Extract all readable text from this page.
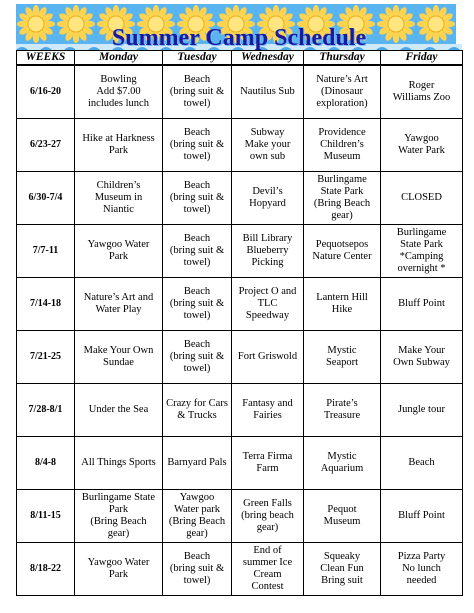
Summer Camp Schedule
WEEKS	Monday	Tuesday	Wednesday	Thursday	Friday
6/16-20	Bowling
Add $7.00
includes lunch	Beach
(bring suit &
towel)	Nautilus Sub	Nature’s Art
(Dinosaur
exploration)	Roger
Williams Zoo

6/23-27	Hike at Harkness
Park	Beach
(bring suit &
towel)	Subway
Make your
own sub	Providence
Children’s
Museum	Yawgoo
Water Park

6/30-7/4	Children’s
Museum in
Niantic	Beach
(bring suit &
towel)	Devil’s
Hopyard	Burlingame
State Park
(Bring Beach
gear)	CLOSED

7/7-11	Yawgoo Water
Park	Beach
(bring suit &
towel)	Bill Library
Blueberry
Picking	Pequotsepos
Nature Center	Burlingame
State Park
*Camping
overnight *

7/14-18	Nature’s Art and
Water Play	Beach
(bring suit &
towel)	Project O and
TLC
Speedway	Lantern Hill
Hike	Bluff Point

7/21-25	Make Your Own
Sundae	Beach
(bring suit &
towel)	Fort Griswold	Mystic
Seaport	Make Your
Own Subway

7/28-8/1	Under the Sea	Crazy for Cars
& Trucks	Fantasy and
Fairies	Pirate’s
Treasure	Jungle tour

8/4-8	All Things Sports	Barnyard Pals	Terra Firma
Farm	Mystic
Aquarium	Beach

8/11-15	Burlingame State
Park
(Bring Beach
gear)	Yawgoo
Water park
(Bring Beach
gear)	Green Falls
(bring beach
gear)	Pequot
Museum	Bluff Point

8/18-22	Yawgoo Water
Park	Beach
(bring suit &
towel)	End of
summer Ice
Cream
Contest	Squeaky
Clean Fun
Bring suit	Pizza Party
No lunch
needed
